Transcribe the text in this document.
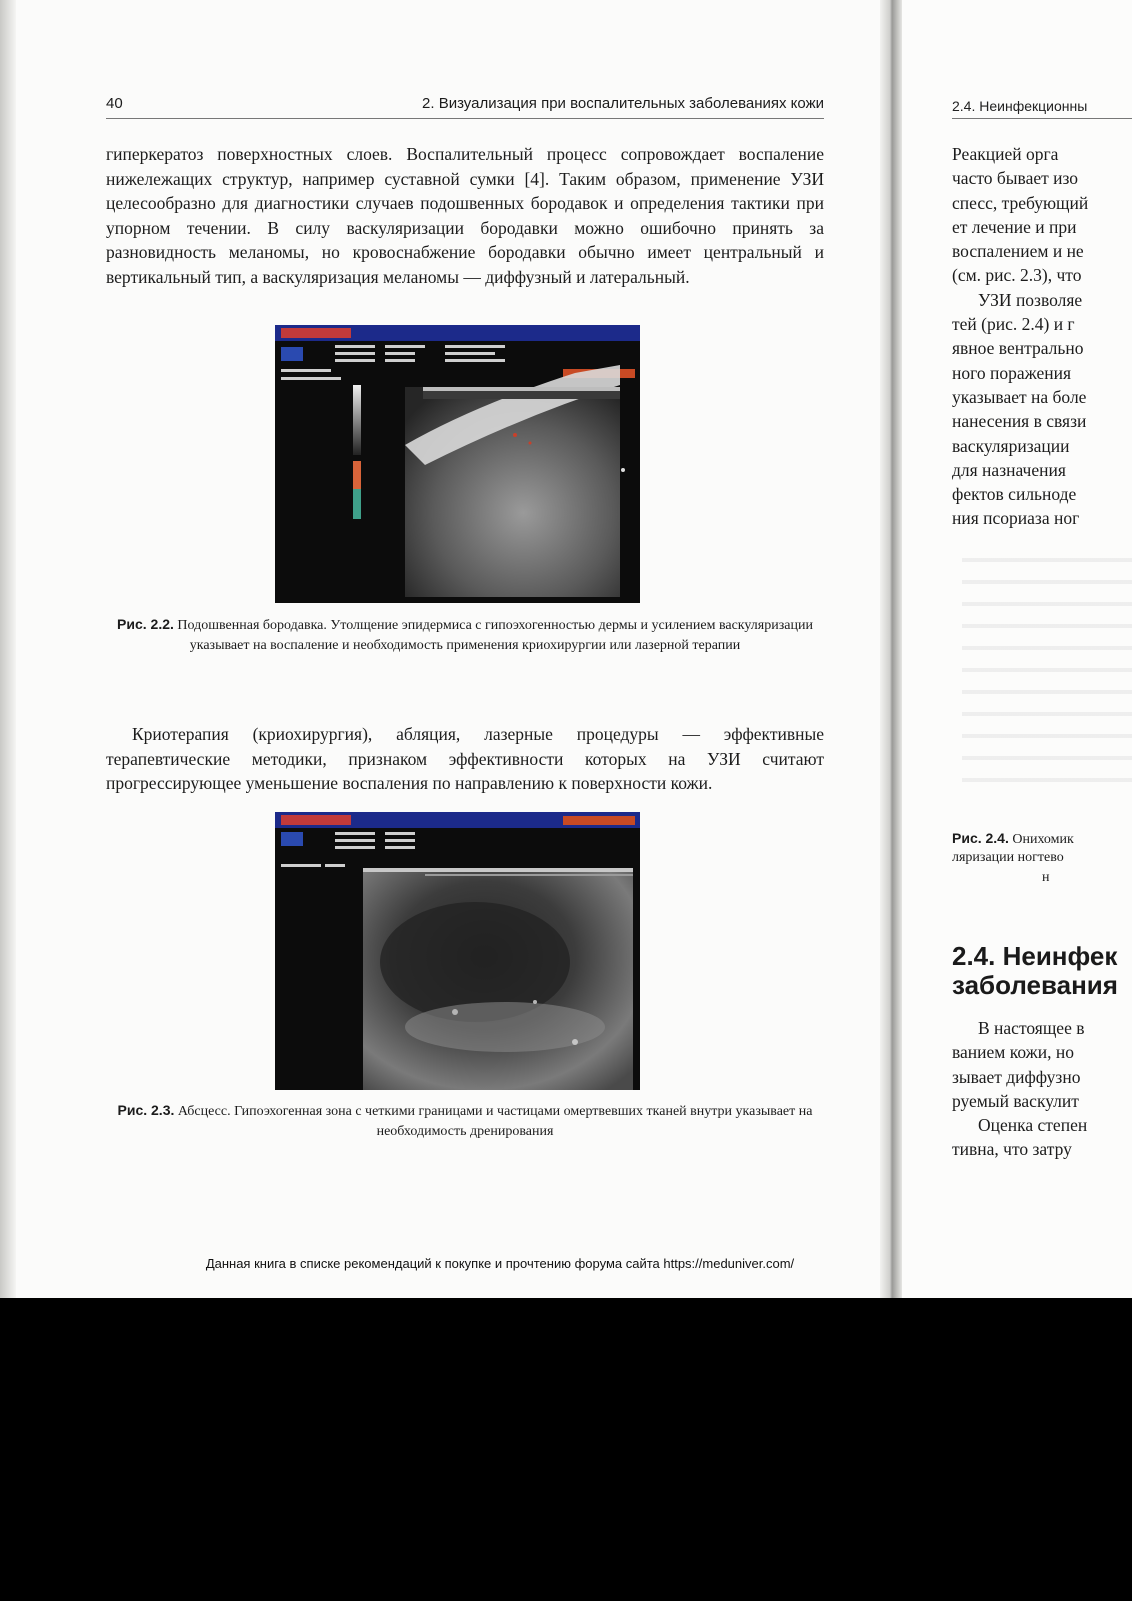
40	2. Визуализация при воспалительных заболеваниях кожи

гиперкератоз поверхностных слоев. Воспалительный процесс сопровождает воспаление нижележащих структур, например суставной сумки [4]. Таким образом, применение УЗИ целесообразно для диагностики случаев подошвенных бородавок и определения тактики при упорном течении. В силу васкуляризации бородавки можно ошибочно принять за разновидность меланомы, но кровоснабжение бородавки обычно имеет центральный и вертикальный тип, а васкуляризация меланомы — диффузный и латеральный.

Рис. 2.2. Подошвенная бородавка. Утолщение эпидермиса с гипоэхогенностью дермы и усилением васкуляризации указывает на воспаление и необходимость применения криохирургии или лазерной терапии

Криотерапия (криохирургия), абляция, лазерные процедуры — эффективные терапевтические методики, признаком эффективности которых на УЗИ считают прогрессирующее уменьшение воспаления по направлению к поверхности кожи.

Рис. 2.3. Абсцесс. Гипоэхогенная зона с четкими границами и частицами омертвевших тканей внутри указывает на необходимость дренирования

2.4. Неинфекционны
Реакцией орга
часто бывает изо
спесс, требующий
ет лечение и при
воспалением и не
(см. рис. 2.3), что
УЗИ позволяе
тей (рис. 2.4) и г
явное вентрально
ного поражения
указывает на боле
нанесения в связи
васкуляризации
для назначения
фектов сильноде
ния псориаза ног
Рис. 2.4. Онихомик
ляризации ногтево
н
2.4. Неинфек
заболевания
В настоящее в
ванием кожи, но
зывает диффузно
руемый васкулит
Оценка степен
тивна, что затру
Данная книга в списке рекомендаций к покупке и прочтению форума сайта https://meduniver.com/
